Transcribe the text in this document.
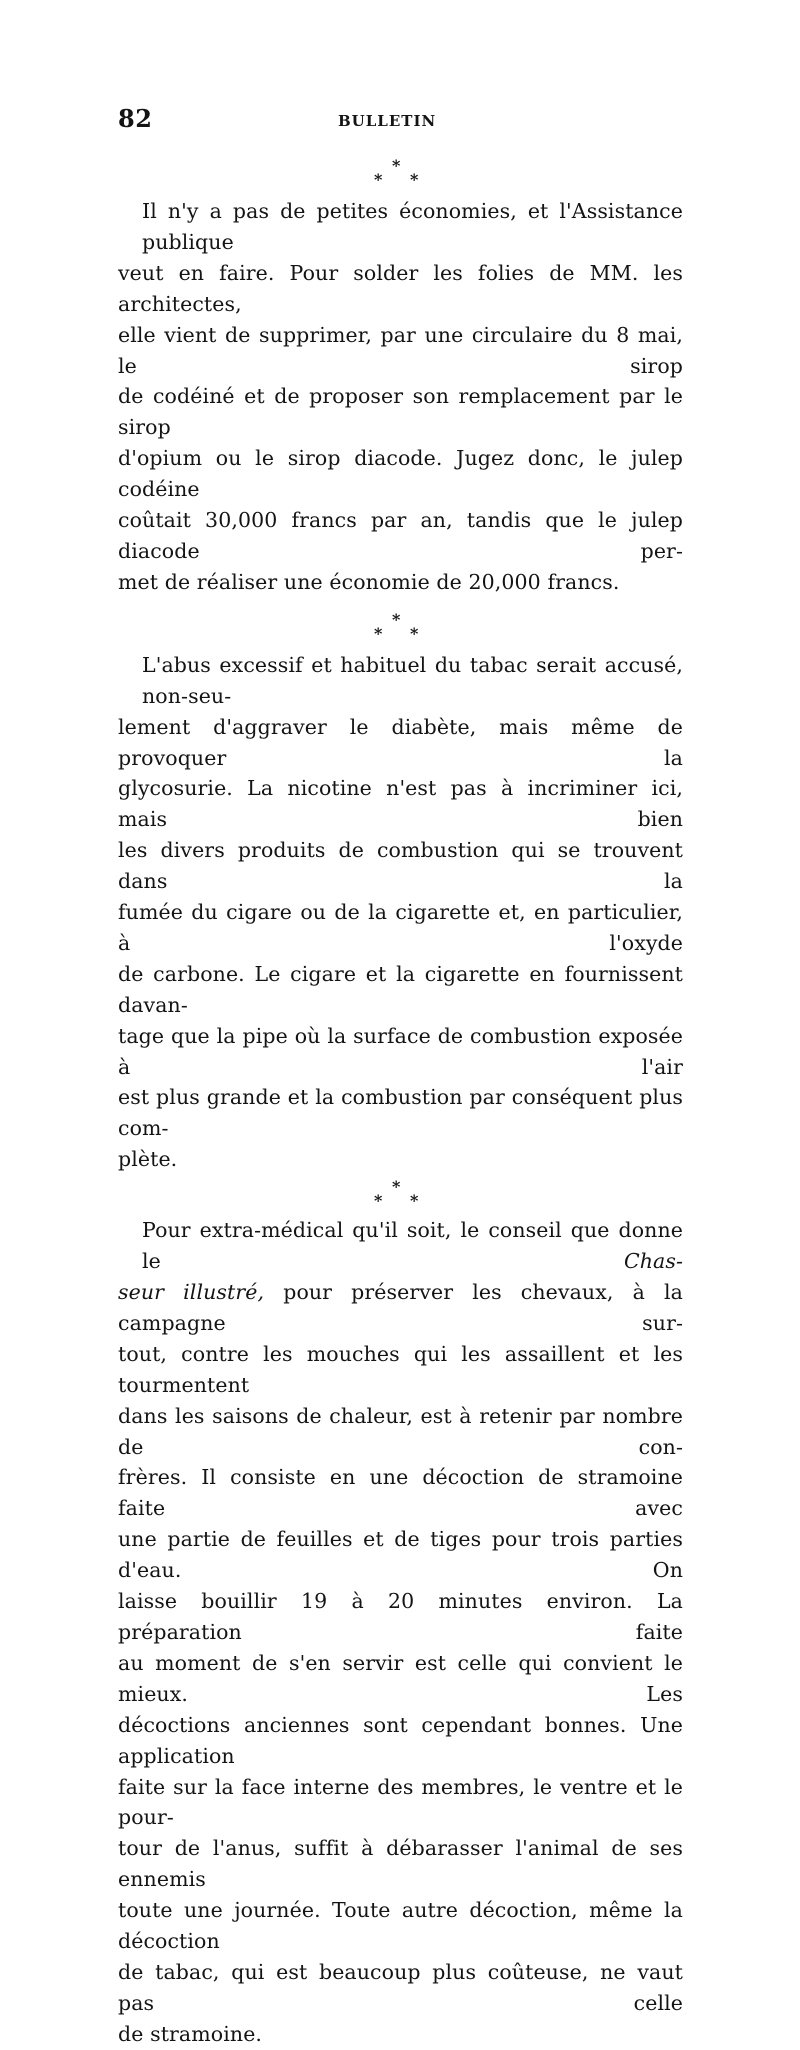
82	BULLETIN
*
* *

Il n'y a pas de petites économies, et l'Assistance publique
veut en faire. Pour solder les folies de MM. les architectes,
elle vient de supprimer, par une circulaire du 8 mai, le sirop
de codéiné et de proposer son remplacement par le sirop
d'opium ou le sirop diacode. Jugez donc, le julep codéine
coûtait 30,000 francs par an, tandis que le julep diacode per-
met de réaliser une économie de 20,000 francs.

*
* *

L'abus excessif et habituel du tabac serait accusé, non-seu-
lement d'aggraver le diabète, mais même de provoquer la
glycosurie. La nicotine n'est pas à incriminer ici, mais bien
les divers produits de combustion qui se trouvent dans la
fumée du cigare ou de la cigarette et, en particulier, à l'oxyde
de carbone. Le cigare et la cigarette en fournissent davan-
tage que la pipe où la surface de combustion exposée à l'air
est plus grande et la combustion par conséquent plus com-
plète.

*
* *

Pour extra-médical qu'il soit, le conseil que donne le	Chas-
seur illustré, pour préserver les chevaux, à la campagne sur-
tout, contre les mouches qui les assaillent et les tourmentent
dans les saisons de chaleur, est à retenir par nombre de con-
frères. Il consiste en une décoction de stramoine faite avec
une partie de feuilles et de tiges pour trois parties d'eau. On
laisse bouillir 19 à 20 minutes environ. La préparation faite
au moment de s'en servir est celle qui convient le mieux. Les
décoctions anciennes sont cependant bonnes. Une application
faite sur la face interne des membres, le ventre et le pour-
tour de l'anus, suffit à débarasser l'animal de ses ennemis
toute une journée. Toute autre décoction, même la décoction
de tabac, qui est beaucoup plus coûteuse, ne vaut pas celle
de stramoine.
